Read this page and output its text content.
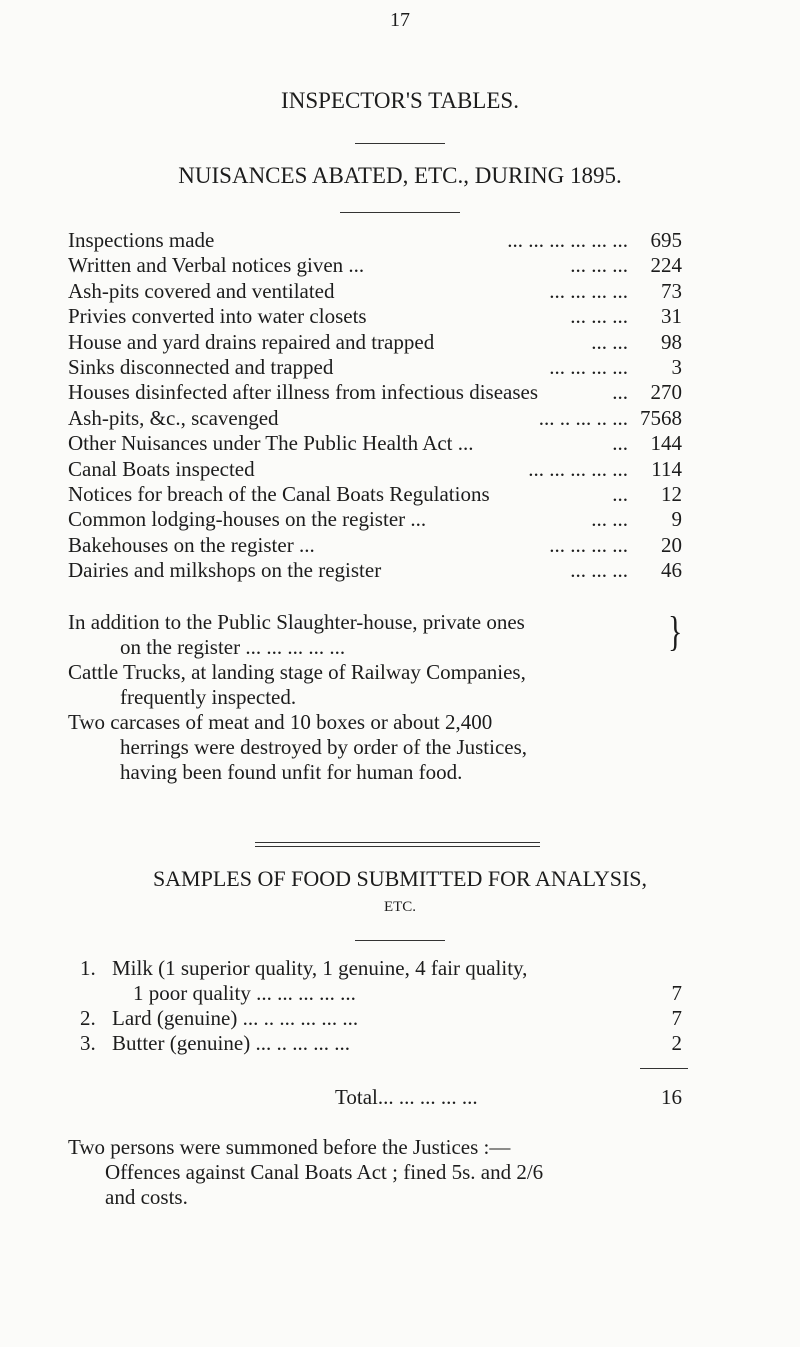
17
INSPECTOR'S TABLES.
NUISANCES ABATED, ETC., DURING 1895.
Inspections made	... ... ... ... ... ...	695
Written and Verbal notices given ...	... ... ...	224
Ash-pits covered and ventilated	... ... ... ...	73
Privies converted into water closets	... ... ...	31
House and yard drains repaired and trapped	... ...	98
Sinks disconnected and trapped	... ... ... ...	3
Houses disinfected after illness from infectious diseases	...	270
Ash-pits, &c., scavenged	... .. ... .. ... 7568
Other Nuisances under The Public Health Act ...	...	144
Canal Boats inspected	... ... ... ... ...	114
Notices for breach of the Canal Boats Regulations	...	12
Common lodging-houses on the register ...	... ...	9
Bakehouses on the register ...	... ... ... ...	20
Dairies and milkshops on the register	... ... ...	46
In addition to the Public Slaughter-house, private ones
on the register ... ... ... ... ...	}
Cattle Trucks, at landing stage of Railway Companies,
frequently inspected.
Two carcases of meat and 10 boxes or about 2,400
herrings were destroyed by order of the Justices,
having been found unfit for human food.
SAMPLES OF FOOD SUBMITTED FOR ANALYSIS,
ETC.
1. Milk (1 superior quality, 1 genuine, 4 fair quality,
1 poor quality ... ... ... ... ...	7
2. Lard (genuine) ... .. ... ... ... ...	7
3. Butter (genuine) ... .. ... ... ...	2
Total... ... ... ... ...	16
Two persons were summoned before the Justices :—
Offences against Canal Boats Act ; fined 5s. and 2/6
and costs.
